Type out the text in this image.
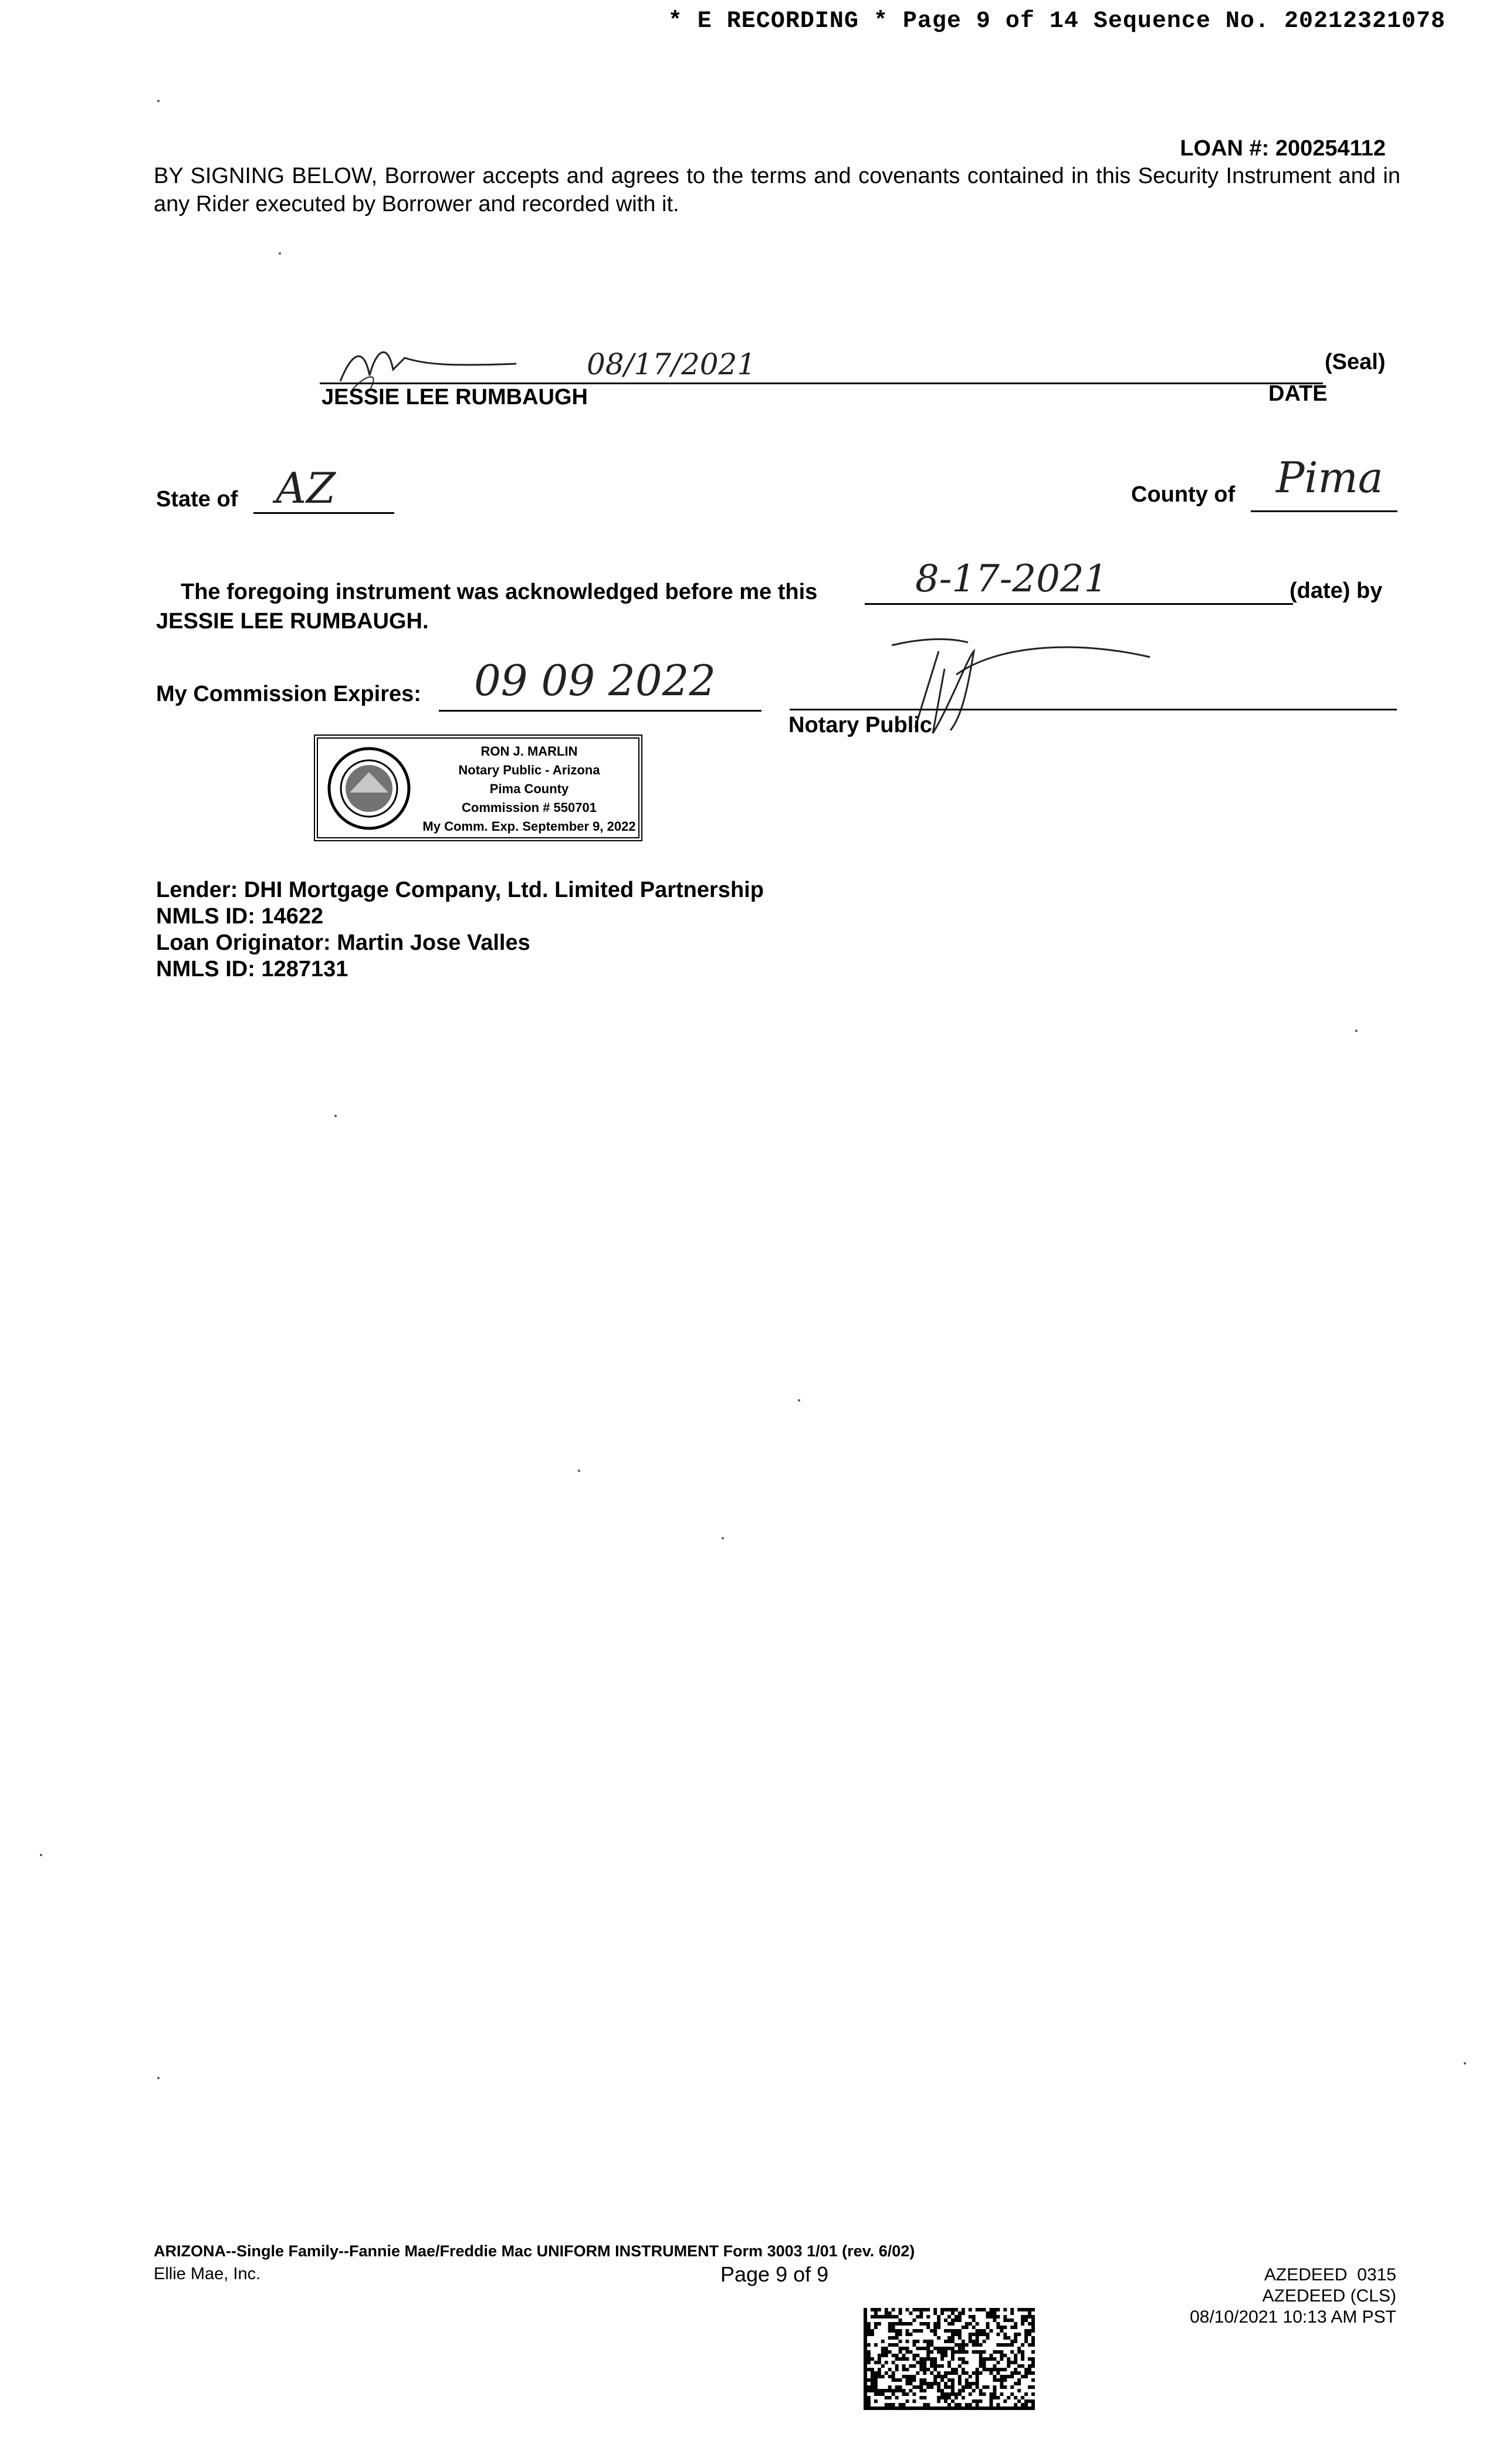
* E RECORDING * Page 9 of 14 Sequence No. 20212321078
LOAN #: 200254112
BY SIGNING BELOW, Borrower accepts and agrees to the terms and covenants contained in this Security Instrument and in any Rider executed by Borrower and recorded with it.
08/17/2021	(Seal)
JESSIE LEE RUMBAUGH	DATE
State of AZ	County of Pima
The foregoing instrument was acknowledged before me this	8-17-2021	(date) by
JESSIE LEE RUMBAUGH.
My Commission Expires: 09 09 2022
Notary Public
RON J. MARLIN
Notary Public - Arizona
Pima County
Commission # 550701
My Comm. Exp. September 9, 2022
Lender: DHI Mortgage Company, Ltd. Limited Partnership
NMLS ID: 14622
Loan Originator: Martin Jose Valles
NMLS ID: 1287131
ARIZONA--Single Family--Fannie Mae/Freddie Mac UNIFORM INSTRUMENT Form 3003 1/01 (rev. 6/02)
Ellie Mae, Inc.	Page 9 of 9	AZEDEED  0315
AZEDEED (CLS)
08/10/2021 10:13 AM PST
